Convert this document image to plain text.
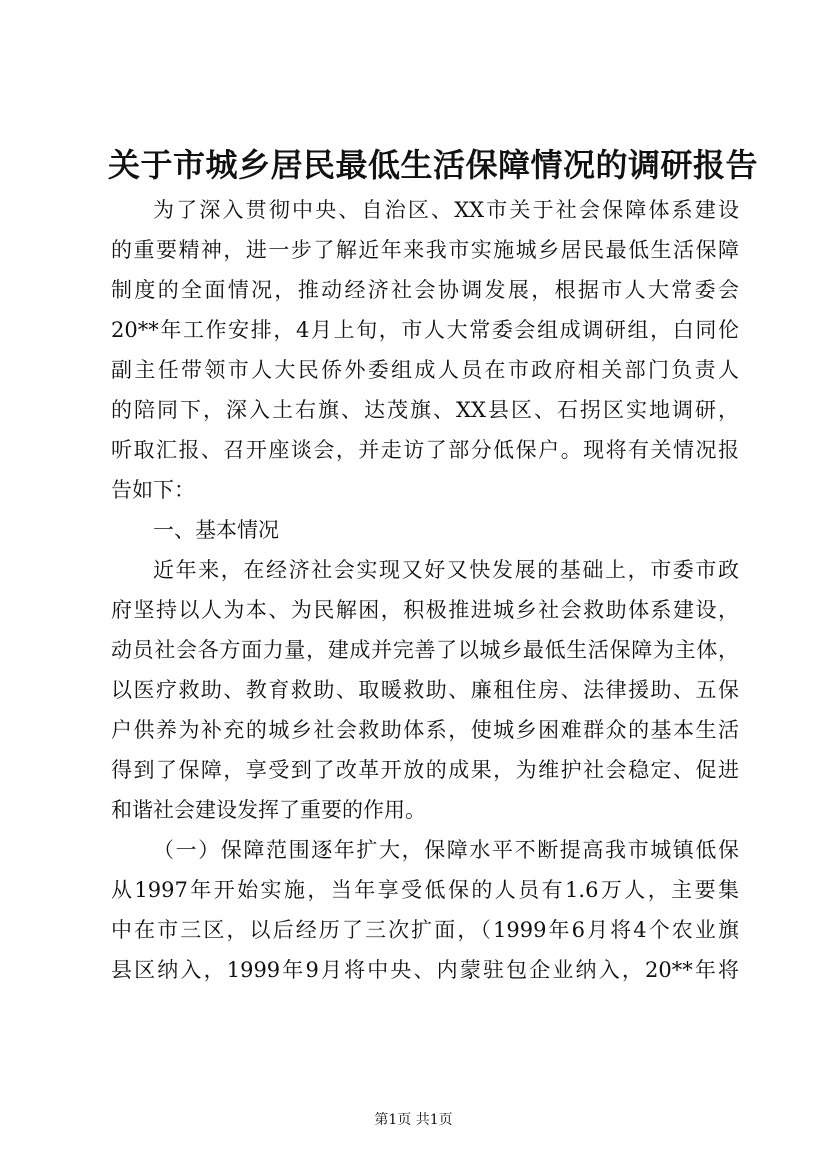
关于市城乡居民最低生活保障情况的调研报告
为了深入贯彻中央、自治区、XX市关于社会保障体系建设
的重要精神，进一步了解近年来我市实施城乡居民最低生活保障
制度的全面情况，推动经济社会协调发展，根据市人大常委会
20**年工作安排，4月上旬，市人大常委会组成调研组，白同伦
副主任带领市人大民侨外委组成人员在市政府相关部门负责人
的陪同下，深入土右旗、达茂旗、XX县区、石拐区实地调研，
听取汇报、召开座谈会，并走访了部分低保户。现将有关情况报
告如下：
一、基本情况
近年来，在经济社会实现又好又快发展的基础上，市委市政
府坚持以人为本、为民解困，积极推进城乡社会救助体系建设，
动员社会各方面力量，建成并完善了以城乡最低生活保障为主体，
以医疗救助、教育救助、取暖救助、廉租住房、法律援助、五保
户供养为补充的城乡社会救助体系，使城乡困难群众的基本生活
得到了保障，享受到了改革开放的成果，为维护社会稳定、促进
和谐社会建设发挥了重要的作用。
（一）保障范围逐年扩大，保障水平不断提高我市城镇低保
从1997年开始实施，当年享受低保的人员有1.6万人，主要集
中在市三区，以后经历了三次扩面，（1999年6月将4个农业旗
县区纳入，1999年9月将中央、内蒙驻包企业纳入，20**年将
第1页 共1页
